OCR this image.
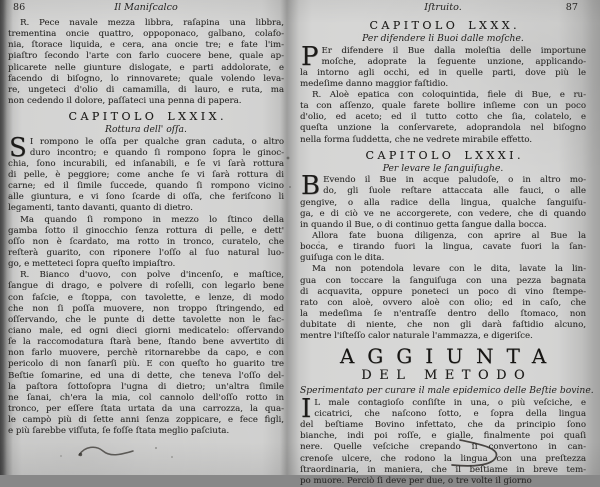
86	Il Maniſcalco
R. Pece navale mezza libbra, raſapina una libbra,
trementina oncie quattro, oppoponaco, galbano, colafo-
nia, ſtorace liquida, e cera, ana oncie tre; e fate l'im-
piaſtro ſecondo l'arte con farlo cuocere bene, quale ap-
plicarete nelle giunture dislogate, e parti addolorate, e
facendo di biſogno, lo rinnovarete; quale volendo leva-
re, ungeteci d'olio di camamilla, di lauro, e ruta, ma
non cedendo il dolore, paſſateci una penna di papera.
CAPITOLO LXXIX.
Rottura dell' oſſa.
S I rompono le oſſa per qualche gran caduta, o altro
duro incontro; e quando ſi rompono ſopra le ginoc-
chia, ſono incurabili, ed inſanabili, e ſe vi ſarà rottura
di pelle, è peggiore; come anche ſe vi ſarà rottura di
carne; ed il ſimile ſuccede, quando ſi rompono vicino
alle giuntura, e vi ſono ſcarde di oſſa, che feriſcono li
legamenti, tanto davanti, quanto di dietro.
Ma quando ſi rompono in mezzo lo ſtinco della
gamba ſotto il ginocchio ſenza rottura di pelle, e dett'
oſſo non è ſcardato, ma rotto in tronco, curatelo, che
reſterà guarito, con riponere l'oſſo al ſuo natural luo-
go, e metteteci ſopra queſto impiaſtro.
R. Bianco d'uovo, con polve d'incenſo, e maſtice,
ſangue di drago, e polvere di roſelli, con legarlo bene
con faſcie, e ſtoppa, con tavolette, e lenze, di modo
che non ſi poſſa muovere, non troppo ſtringendo, ed
oſſervando, che le punte di dette tavolette non le fac-
ciano male, ed ogni dieci giorni medicatelo: oſſervando
ſe la raccomodatura ſtarà bene, ſtando bene avvertito di
non farlo muovere, perchè ritornarebbe da capo, e con
pericolo di non ſanarſi più. E con queſto ho guarito tre
Beſtie ſomarine, ed una di dette, che teneva l'oſſo del-
la paſtora ſottoſopra l'ugna di dietro; un'altra ſimile
ne ſanai, ch'era la mia, col cannolo dell'oſſo rotto in
tronco, per eſſere ſtata urtata da una carrozza, la qua-
le campò più di ſette anni ſenza zoppicare, e fece figli,
e più ſarebbe viſſuta, ſe foſſe ſtata meglio paſciuta.
Iſtruito.	87
CAPITOLO LXXX.
Per difendere li Buoi dalle moſche.
P Er difendere il Bue dalla moleſtia delle importune
moſche, adoprate la ſeguente unzione, applicando-
la intorno agli occhi, ed in quelle parti, dove più le
medeſime danno maggior faſtidio.
R. Aloè epatica con coloquintida, fiele di Bue, e ru-
ta con aſſenzo, quale farete bollire inſieme con un poco
d'olio, ed aceto; ed il tutto cotto che ſia, colatelo, e
queſta unzione la conſervarete, adoprandola nel biſogno
nella forma ſuddetta, che ne vedrete mirabile effetto.
CAPITOLO LXXXI.
Per levare le ſanguiſughe.
B Evendo il Bue in acque paludoſe, o in altro mo-
do, gli ſuole reſtare attaccata alle fauci, o alle
gengive, o alla radice della lingua, qualche ſanguiſu-
ga, e di ciò ve ne accorgerete, con vedere, che di quando
in quando il Bue, o di continuo getta ſangue dalla bocca.
Allora fate buona diligenza, con aprire al Bue la
bocca, e tirando fuori la lingua, cavate fuori la ſan-
guiſuga con le dita.
Ma non potendola levare con le dita, lavate la lin-
gua con toccare la ſanguiſuga con una pezza bagnata
di acquavita, oppure poneteci un poco di vino ſtempe-
rato con aloè, ovvero aloè con olio; ed in caſo, che
la medeſima ſe n'entraſſe dentro dello ſtomaco, non
dubitate di niente, che non gli darà faſtidio alcuno,
mentre l'iſteſſo calor naturale l'ammazza, e digeriſce.
AGGIUNTA
DEL METODO
Sperimentato per curare il male epidemico delle Beſtie bovine.
I L male contagioſo conſiſte in una, o più veſciche, e
cicatrici, che naſcono ſotto, e ſopra della lingua
del beſtiame Bovino infettato, che da principio ſono
bianche, indi poi roſſe, e gialle, finalmente poi quaſi
nere. Quelle veſciche crepando ſi convertono in can-
crenoſe ulcere, che rodono la lingua con una preſtezza
ſtraordinaria, in maniera, che il beſtiame in breve tem-
po muore. Perciò ſi deve per due, o tre volte il giorno
